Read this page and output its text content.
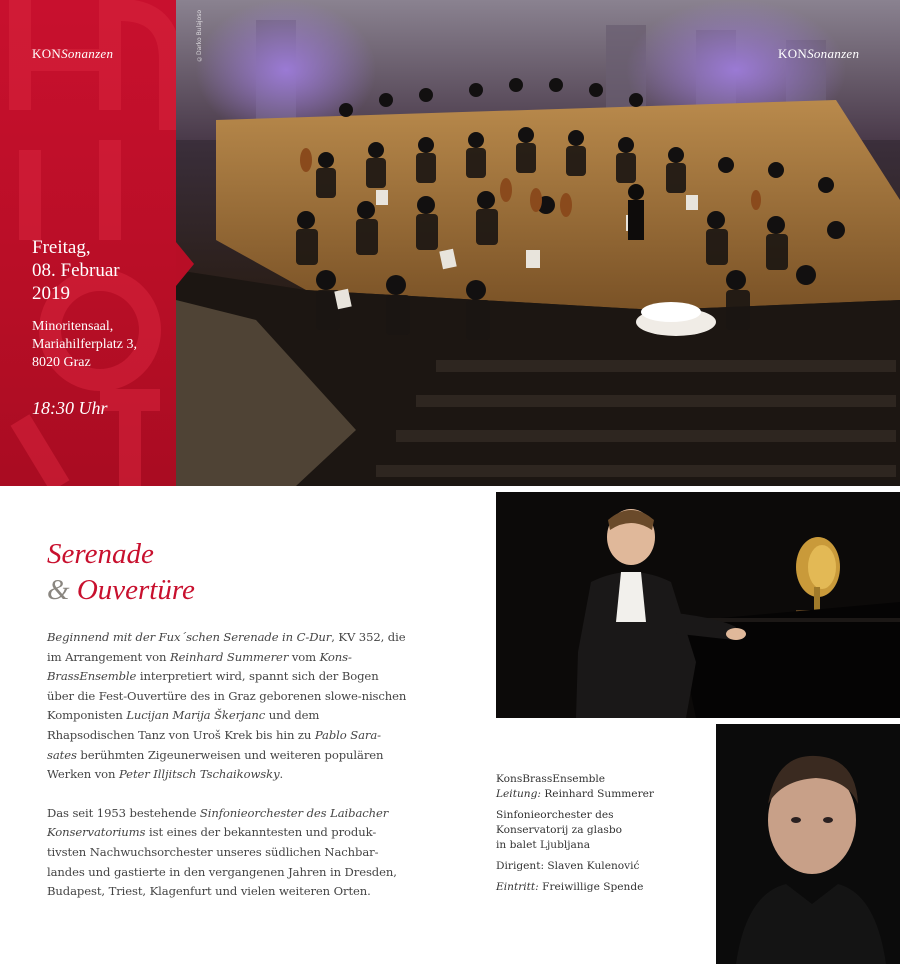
KONSonanzen
Freitag,
08. Februar
2019
Minoritensaal,
Mariahilferplatz 3,
8020 Graz
18:30 Uhr
©Darko Bulajoso	KONSonanzen
Serenade
& Ouvertüre

Beginnend mit der Fux´schen Serenade in C-Dur, KV 352, die im Arrangement von Reinhard Summerer vom Kons-BrassEnsemble interpretiert wird, spannt sich der Bogen über die Fest-Ouvertüre des in Graz geborenen slowe-nischen Komponisten Lucijan Marija Škerjanc und dem Rhapsodischen Tanz von Uroš Krek bis hin zu Pablo Sara-sates berühmten Zigeunerweisen und weiteren populären Werken von Peter Illjitsch Tschaikowsky.

Das seit 1953 bestehende Sinfonieorchester des Laibacher Konservatoriums ist eines der bekanntesten und produk-tivsten Nachwuchsorchester unseres südlichen Nachbar-landes und gastierte in den vergangenen Jahren in Dresden, Budapest, Triest, Klagenfurt und vielen weiteren Orten.

KonsBrassEnsemble
Leitung: Reinhard Summerer
Sinfonieorchester des
Konservatorij za glasbo
in balet Ljubljana
Dirigent: Slaven Kulenović
Eintritt: Freiwillige Spende
